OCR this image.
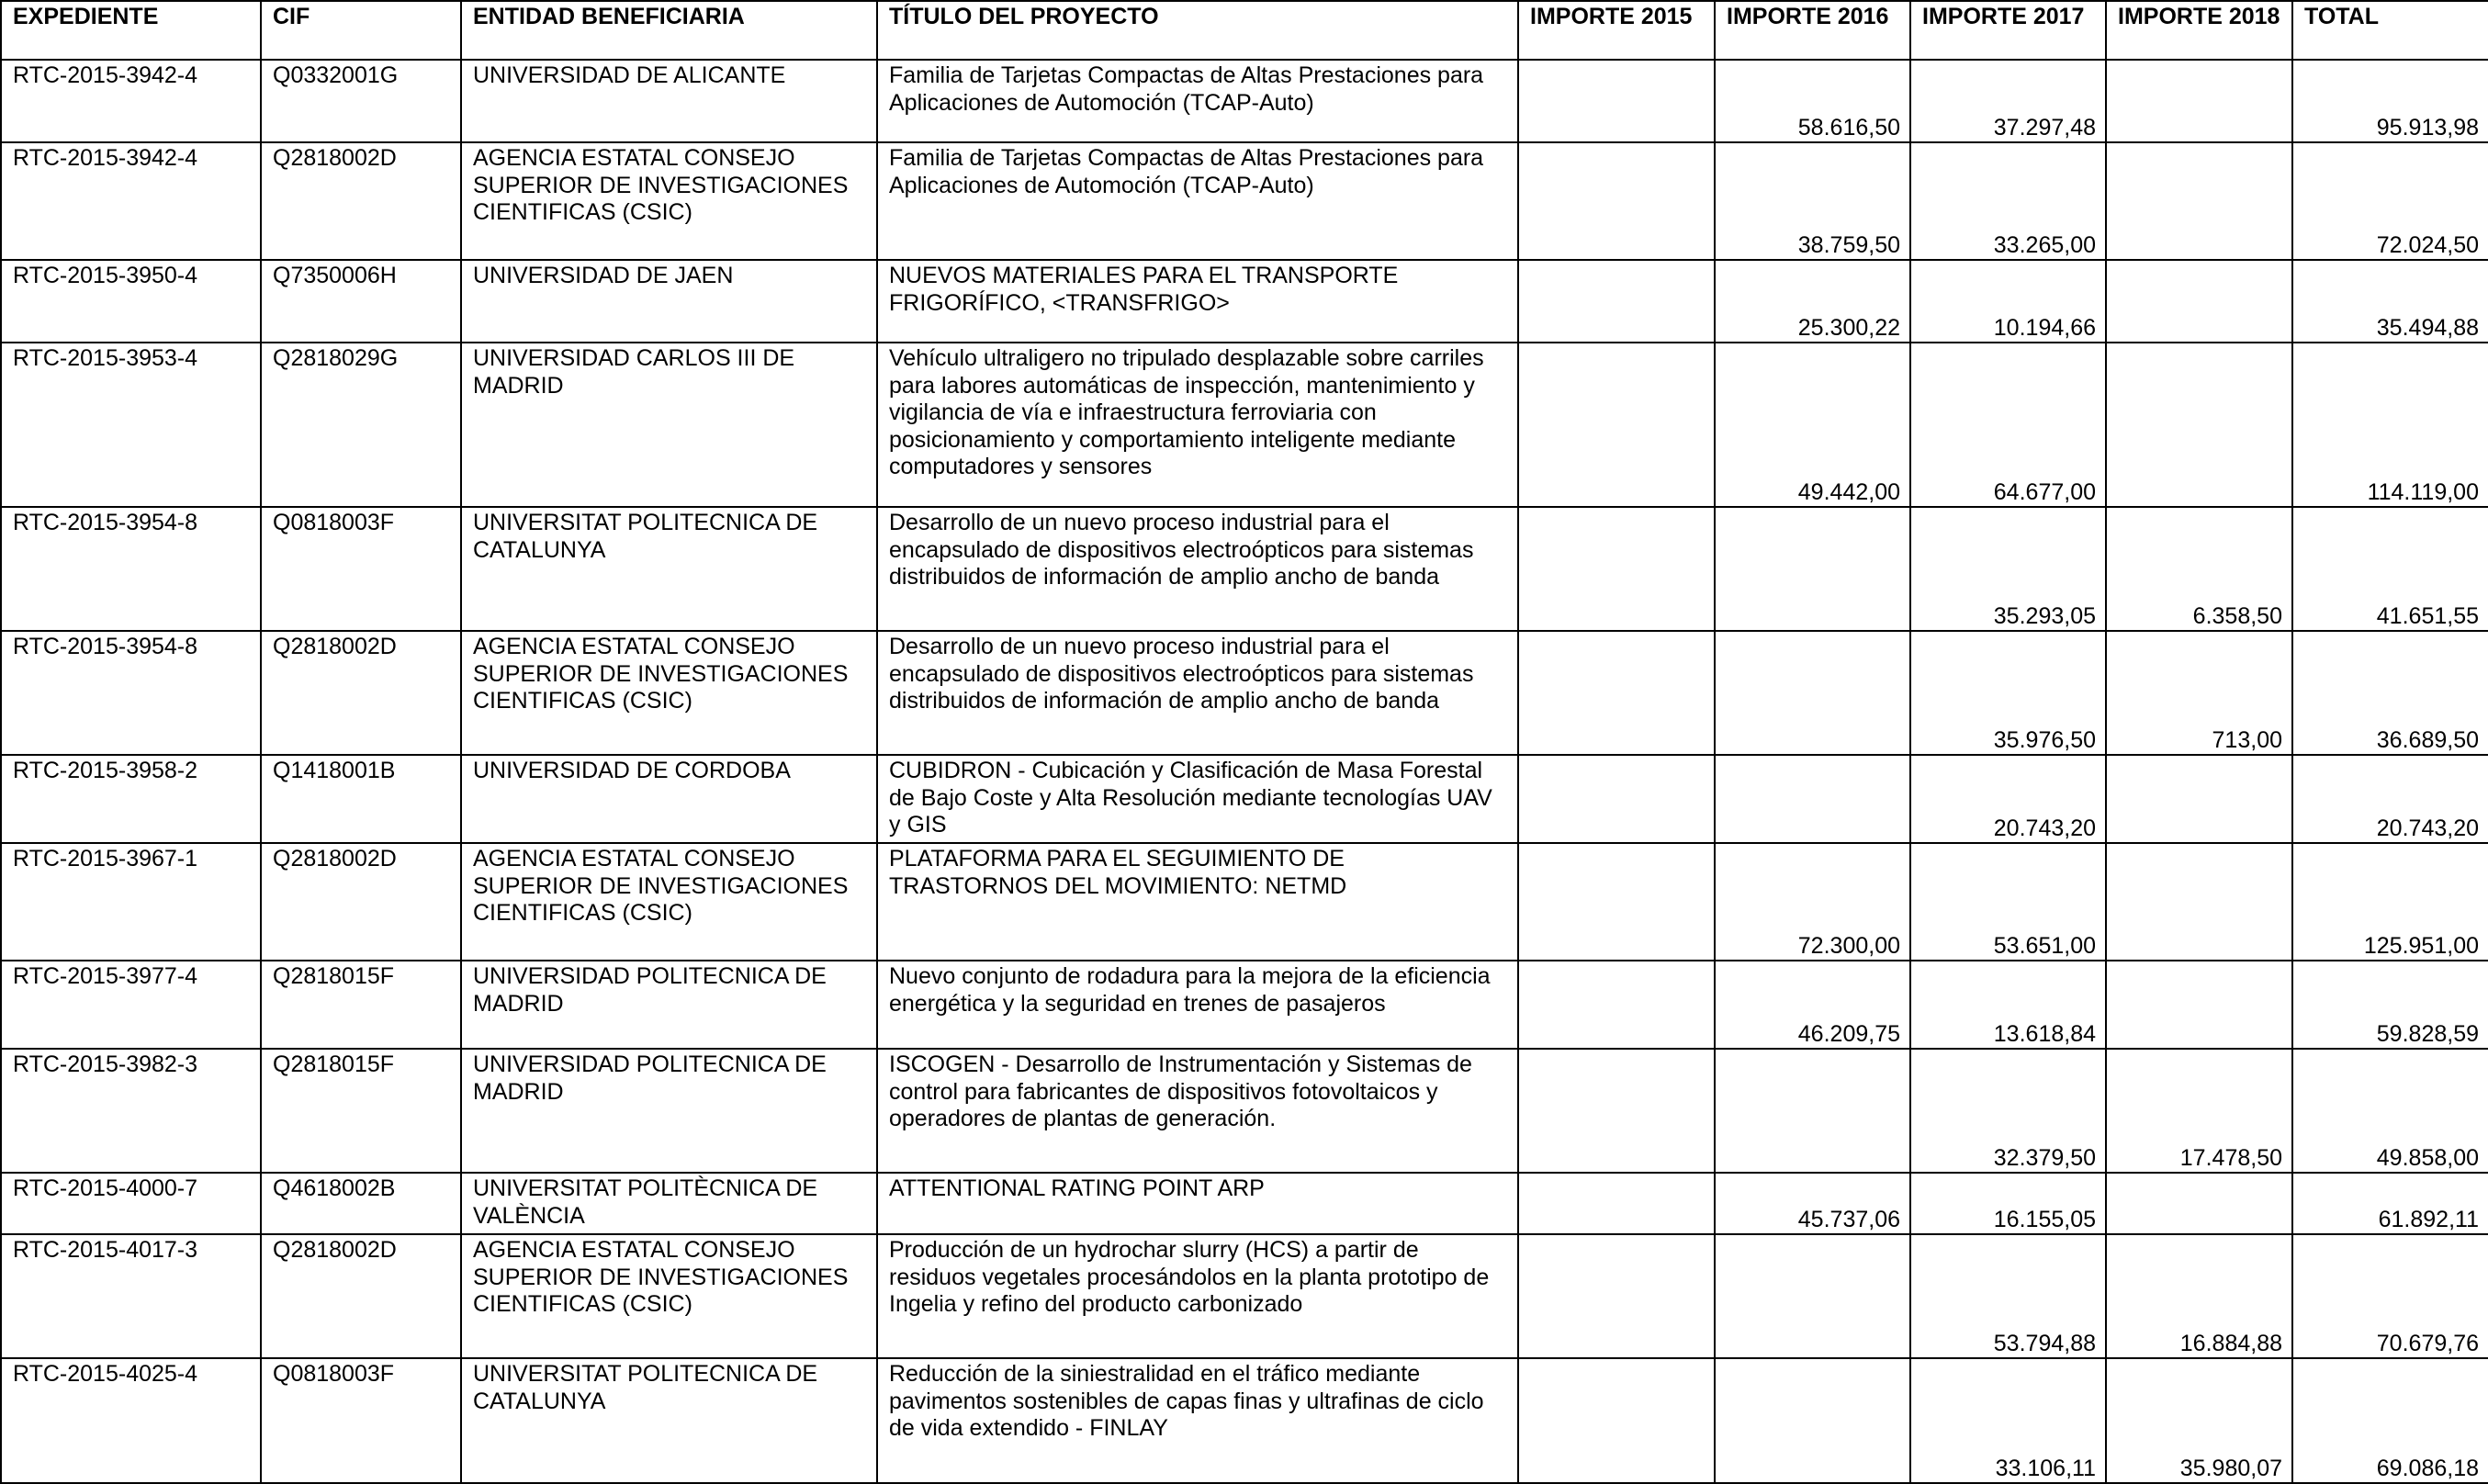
EXPEDIENTE	CIF	ENTIDAD BENEFICIARIA	TÍTULO DEL PROYECTO	IMPORTE 2015	IMPORTE 2016	IMPORTE 2017	IMPORTE 2018	TOTAL
RTC-2015-3942-4	Q0332001G	UNIVERSIDAD DE ALICANTE	Familia de Tarjetas Compactas de Altas Prestaciones para Aplicaciones de Automoción (TCAP-Auto)		58.616,50	37.297,48		95.913,98
RTC-2015-3942-4	Q2818002D	AGENCIA ESTATAL CONSEJO SUPERIOR DE INVESTIGACIONES CIENTIFICAS (CSIC)	Familia de Tarjetas Compactas de Altas Prestaciones para Aplicaciones de Automoción (TCAP-Auto)		38.759,50	33.265,00		72.024,50
RTC-2015-3950-4	Q7350006H	UNIVERSIDAD DE JAEN	NUEVOS MATERIALES PARA EL TRANSPORTE FRIGORÍFICO, <TRANSFRIGO>		25.300,22	10.194,66		35.494,88
RTC-2015-3953-4	Q2818029G	UNIVERSIDAD CARLOS III DE MADRID	Vehículo ultraligero no tripulado desplazable sobre carriles para labores automáticas de inspección, mantenimiento y vigilancia de vía e infraestructura ferroviaria con posicionamiento y comportamiento inteligente mediante computadores y sensores		49.442,00	64.677,00		114.119,00
RTC-2015-3954-8	Q0818003F	UNIVERSITAT POLITECNICA DE CATALUNYA	Desarrollo de un nuevo proceso industrial para el encapsulado de dispositivos electroópticos para sistemas distribuidos de información de amplio ancho de banda			35.293,05	6.358,50	41.651,55
RTC-2015-3954-8	Q2818002D	AGENCIA ESTATAL CONSEJO SUPERIOR DE INVESTIGACIONES CIENTIFICAS (CSIC)	Desarrollo de un nuevo proceso industrial para el encapsulado de dispositivos electroópticos para sistemas distribuidos de información de amplio ancho de banda			35.976,50	713,00	36.689,50
RTC-2015-3958-2	Q1418001B	UNIVERSIDAD DE CORDOBA	CUBIDRON - Cubicación y Clasificación de Masa Forestal de Bajo Coste y Alta Resolución mediante tecnologías UAV y GIS			20.743,20		20.743,20
RTC-2015-3967-1	Q2818002D	AGENCIA ESTATAL CONSEJO SUPERIOR DE INVESTIGACIONES CIENTIFICAS (CSIC)	PLATAFORMA PARA EL SEGUIMIENTO DE TRASTORNOS DEL MOVIMIENTO: NETMD		72.300,00	53.651,00		125.951,00
RTC-2015-3977-4	Q2818015F	UNIVERSIDAD POLITECNICA DE MADRID	Nuevo conjunto de rodadura para la mejora de la eficiencia energética y la seguridad en trenes de pasajeros		46.209,75	13.618,84		59.828,59
RTC-2015-3982-3	Q2818015F	UNIVERSIDAD POLITECNICA DE MADRID	ISCOGEN - Desarrollo de Instrumentación y Sistemas de control para fabricantes de dispositivos fotovoltaicos y operadores de plantas de generación.			32.379,50	17.478,50	49.858,00
RTC-2015-4000-7	Q4618002B	UNIVERSITAT POLITÈCNICA DE VALÈNCIA	ATTENTIONAL RATING POINT ARP		45.737,06	16.155,05		61.892,11
RTC-2015-4017-3	Q2818002D	AGENCIA ESTATAL CONSEJO SUPERIOR DE INVESTIGACIONES CIENTIFICAS (CSIC)	Producción de un hydrochar slurry (HCS) a partir de residuos vegetales procesándolos en la planta prototipo de Ingelia y refino del producto carbonizado			53.794,88	16.884,88	70.679,76
RTC-2015-4025-4	Q0818003F	UNIVERSITAT POLITECNICA DE CATALUNYA	Reducción de la siniestralidad en el tráfico mediante pavimentos sostenibles de capas finas y ultrafinas de ciclo de vida extendido - FINLAY			33.106,11	35.980,07	69.086,18
